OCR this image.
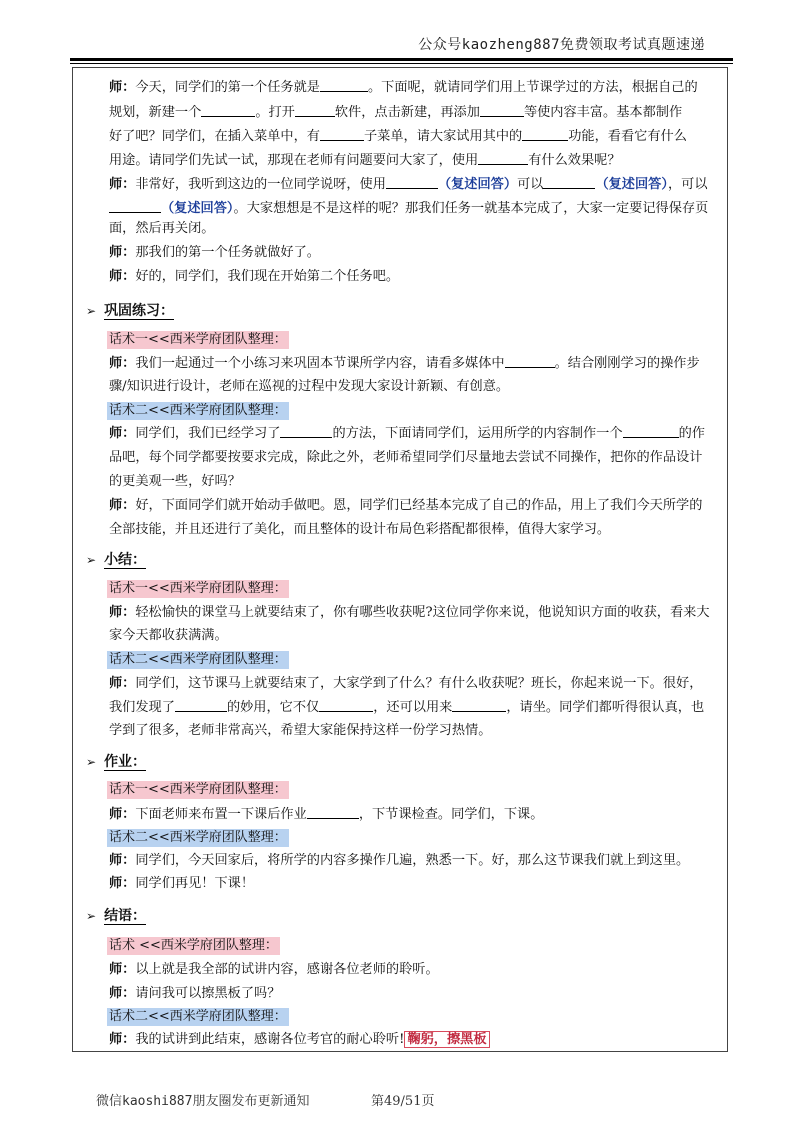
公众号kaozheng887免费领取考试真题速递
师：今天，同学们的第一个任务就是	。下面呢，就请同学们用上节课学过的方法，根据自己的
规划，新建一个	。打开	软件，点击新建，再添加	等使内容丰富。基本都制作
好了吧？同学们，在插入菜单中，有	子菜单，请大家试用其中的	功能，看看它有什么
用途。请同学们先试一试，那现在老师有问题要问大家了，使用	有什么效果呢？
师：非常好，我听到这边的一位同学说呀，使用	（复述回答）可以	（复述回答），可以
（复述回答）。大家想想是不是这样的呢？那我们任务一就基本完成了，大家一定要记得保存页
面，然后再关闭。
师：那我们的第一个任务就做好了。
师：好的，同学们，我们现在开始第二个任务吧。
➢ 巩固练习：
话术一<<西米学府团队整理：
师：我们一起通过一个小练习来巩固本节课所学内容，请看多媒体中	。结合刚刚学习的操作步
骤/知识进行设计，老师在巡视的过程中发现大家设计新颖、有创意。
话术二<<西米学府团队整理：
师：同学们，我们已经学习了	的方法，下面请同学们，运用所学的内容制作一个	的作
品吧，每个同学都要按要求完成，除此之外，老师希望同学们尽量地去尝试不同操作，把你的作品设计
的更美观一些，好吗？
师：好，下面同学们就开始动手做吧。恩，同学们已经基本完成了自己的作品，用上了我们今天所学的
全部技能，并且还进行了美化，而且整体的设计布局色彩搭配都很棒，值得大家学习。
➢ 小结：
话术一<<西米学府团队整理：
师：轻松愉快的课堂马上就要结束了，你有哪些收获呢?这位同学你来说，他说知识方面的收获，看来大
家今天都收获满满。
话术二<<西米学府团队整理：
师：同学们，这节课马上就要结束了，大家学到了什么？有什么收获呢？班长，你起来说一下。很好，
我们发现了	的妙用，它不仅	，还可以用来	，请坐。同学们都听得很认真，也
学到了很多，老师非常高兴，希望大家能保持这样一份学习热情。
➢ 作业：
话术一<<西米学府团队整理：
师：下面老师来布置一下课后作业	，下节课检查。同学们，下课。
话术二<<西米学府团队整理：
师：同学们，今天回家后，将所学的内容多操作几遍，熟悉一下。好，那么这节课我们就上到这里。
师：同学们再见！下课！
➢ 结语：
话术 <<西米学府团队整理：
师：以上就是我全部的试讲内容，感谢各位老师的聆听。
师：请问我可以擦黑板了吗？
话术二<<西米学府团队整理：
师：我的试讲到此结束，感谢各位考官的耐心聆听! 鞠躬，擦黑板
微信kaoshi887朋友圈发布更新通知	第49/51页
